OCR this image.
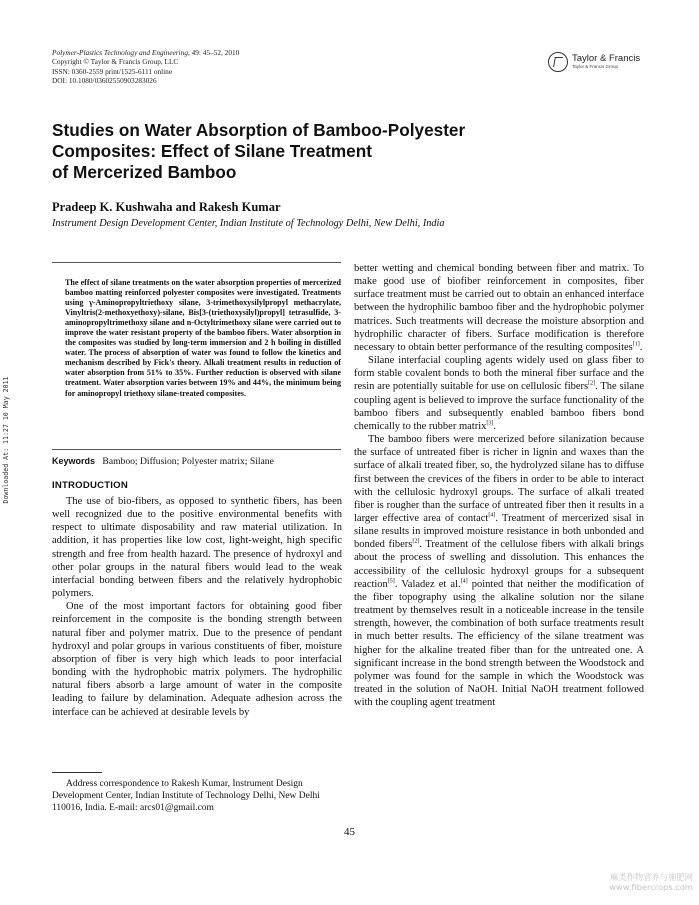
Polymer-Plastics Technology and Engineering, 49: 45–52, 2010
Copyright © Taylor & Francis Group, LLC
ISSN: 0360-2559 print/1525-6111 online
DOI: 10.1080/03602550903283026
Taylor & Francis
Taylor & Francis Group
Studies on Water Absorption of Bamboo-Polyester
Composites: Effect of Silane Treatment
of Mercerized Bamboo
Pradeep K. Kushwaha and Rakesh Kumar
Instrument Design Development Center, Indian Institute of Technology Delhi, New Delhi, India
Downloaded At: 11:27 10 May 2011
The effect of silane treatments on the water absorption properties of mercerized bamboo matting reinforced polyester composites were investigated. Treatments using γ-Aminopropyltriethoxy silane, 3-trimethoxysilylpropyl methacrylate, Vinyltris(2-methoxyethoxy)-silane, Bis[3-(triethoxysilyl)propyl] tetrasulfide, 3-aminopropyltrimethoxy silane and n-Octyltrimethoxy silane were carried out to improve the water resistant property of the bamboo fibers. Water absorption in the composites was studied by long-term immersion and 2 h boiling in distilled water. The process of absorption of water was found to follow the kinetics and mechanism described by Fick's theory. Alkali treatment results in reduction of water absorption from 51% to 35%. Further reduction is observed with silane treatment. Water absorption varies between 19% and 44%, the minimum being for aminopropyl triethoxy silane-treated composites.
Keywords Bamboo; Diffusion; Polyester matrix; Silane
INTRODUCTION

The use of bio-fibers, as opposed to synthetic fibers, has been well recognized due to the positive environmental benefits with respect to ultimate disposability and raw material utilization. In addition, it has properties like low cost, light-weight, high specific strength and free from health hazard. The presence of hydroxyl and other polar groups in the natural fibers would lead to the weak interfacial bonding between fibers and the relatively hydrophobic polymers.

One of the most important factors for obtaining good fiber reinforcement in the composite is the bonding strength between natural fiber and polymer matrix. Due to the presence of pendant hydroxyl and polar groups in various constituents of fiber, moisture absorption of fiber is very high which leads to poor interfacial bonding with the hydrophobic matrix polymers. The hydrophilic natural fibers absorb a large amount of water in the composite leading to failure by delamination. Adequate adhesion across the interface can be achieved at desirable levels by

better wetting and chemical bonding between fiber and matrix. To make good use of biofiber reinforcement in composites, fiber surface treatment must be carried out to obtain an enhanced interface between the hydrophilic bamboo fiber and the hydrophobic polymer matrices. Such treatments will decrease the moisture absorption and hydrophilic character of fibers. Surface modification is therefore necessary to obtain better performance of the resulting composites[1].

Silane interfacial coupling agents widely used on glass fiber to form stable covalent bonds to both the mineral fiber surface and the resin are potentially suitable for use on cellulosic fibers[2]. The silane coupling agent is believed to improve the surface functionality of the bamboo fibers and subsequently enabled bamboo fibers bond chemically to the rubber matrix[3].

The bamboo fibers were mercerized before silanization because the surface of untreated fiber is richer in lignin and waxes than the surface of alkali treated fiber, so, the hydrolyzed silane has to diffuse first between the crevices of the fibers in order to be able to interact with the cellulosic hydroxyl groups. The surface of alkali treated fiber is rougher than the surface of untreated fiber then it results in a larger effective area of contact[4]. Treatment of mercerized sisal in silane results in improved moisture resistance in both unbonded and bonded fibers[2]. Treatment of the cellulose fibers with alkali brings about the process of swelling and dissolution. This enhances the accessibility of the cellulosic hydroxyl groups for a subsequent reaction[5]. Valadez et al.[4] pointed that neither the modification of the fiber topography using the alkaline solution nor the silane treatment by themselves result in a noticeable increase in the tensile strength, however, the combination of both surface treatments result in much better results. The efficiency of the silane treatment was higher for the alkaline treated fiber than for the untreated one. A significant increase in the bond strength between the Woodstock and polymer was found for the sample in which the Woodstock was treated in the solution of NaOH. Initial NaOH treatment followed with the coupling agent treatment

Address correspondence to Rakesh Kumar, Instrument Design Development Center, Indian Institute of Technology Delhi, New Delhi 110016, India. E-mail: arcs01@gmail.com

45
麻类作物营养与施肥网
www.fibercrops.com
